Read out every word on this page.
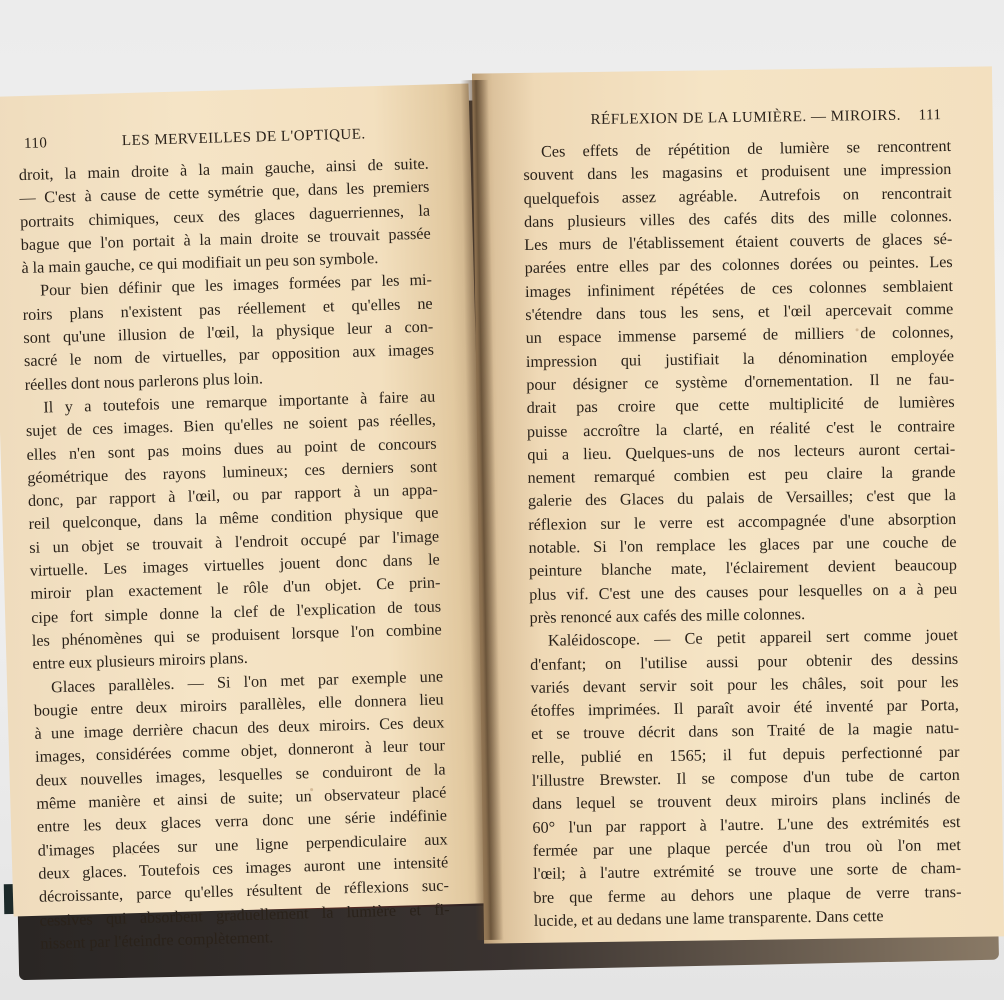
110	LES MERVEILLES DE L'OPTIQUE.
droit, la main droite à la main gauche, ainsi de suite.
— C'est à cause de cette symétrie que, dans les premiers
portraits chimiques, ceux des glaces daguerriennes, la
bague que l'on portait à la main droite se trouvait passée
à la main gauche, ce qui modifiait un peu son symbole.
Pour bien définir que les images formées par les mi-
roirs plans n'existent pas réellement et qu'elles ne
sont qu'une illusion de l'œil, la physique leur a con-
sacré le nom de virtuelles, par opposition aux images
réelles dont nous parlerons plus loin.
Il y a toutefois une remarque importante à faire au
sujet de ces images. Bien qu'elles ne soient pas réelles,
elles n'en sont pas moins dues au point de concours
géométrique des rayons lumineux; ces derniers sont
donc, par rapport à l'œil, ou par rapport à un appa-
reil quelconque, dans la même condition physique que
si un objet se trouvait à l'endroit occupé par l'image
virtuelle. Les images virtuelles jouent donc dans le
miroir plan exactement le rôle d'un objet. Ce prin-
cipe fort simple donne la clef de l'explication de tous
les phénomènes qui se produisent lorsque l'on combine
entre eux plusieurs miroirs plans.
Glaces parallèles. — Si l'on met par exemple une
bougie entre deux miroirs parallèles, elle donnera lieu
à une image derrière chacun des deux miroirs. Ces deux
images, considérées comme objet, donneront à leur tour
deux nouvelles images, lesquelles se conduiront de la
même manière et ainsi de suite; un observateur placé
entre les deux glaces verra donc une série indéfinie
d'images placées sur une ligne perpendiculaire aux
deux glaces. Toutefois ces images auront une intensité
décroissante, parce qu'elles résultent de réflexions suc-
cessives qui absorbent graduellement la lumière et fi-
nissent par l'éteindre complètement.
RÉFLEXION DE LA LUMIÈRE. — MIROIRS. 111
Ces effets de répétition de lumière se rencontrent
souvent dans les magasins et produisent une impression
quelquefois assez agréable. Autrefois on rencontrait
dans plusieurs villes des cafés dits des mille colonnes.
Les murs de l'établissement étaient couverts de glaces sé-
parées entre elles par des colonnes dorées ou peintes. Les
images infiniment répétées de ces colonnes semblaient
s'étendre dans tous les sens, et l'œil apercevait comme
un espace immense parsemé de milliers de colonnes,
impression qui justifiait la dénomination employée
pour désigner ce système d'ornementation. Il ne fau-
drait pas croire que cette multiplicité de lumières
puisse accroître la clarté, en réalité c'est le contraire
qui a lieu. Quelques-uns de nos lecteurs auront certai-
nement remarqué combien est peu claire la grande
galerie des Glaces du palais de Versailles; c'est que la
réflexion sur le verre est accompagnée d'une absorption
notable. Si l'on remplace les glaces par une couche de
peinture blanche mate, l'éclairement devient beaucoup
plus vif. C'est une des causes pour lesquelles on a à peu
près renoncé aux cafés des mille colonnes.
Kaléidoscope. — Ce petit appareil sert comme jouet
d'enfant; on l'utilise aussi pour obtenir des dessins
variés devant servir soit pour les châles, soit pour les
étoffes imprimées. Il paraît avoir été inventé par Porta,
et se trouve décrit dans son Traité de la magie natu-
relle, publié en 1565; il fut depuis perfectionné par
l'illustre Brewster. Il se compose d'un tube de carton
dans lequel se trouvent deux miroirs plans inclinés de
60° l'un par rapport à l'autre. L'une des extrémités est
fermée par une plaque percée d'un trou où l'on met
l'œil; à l'autre extrémité se trouve une sorte de cham-
bre que ferme au dehors une plaque de verre trans-
lucide, et au dedans une lame transparente. Dans cette
